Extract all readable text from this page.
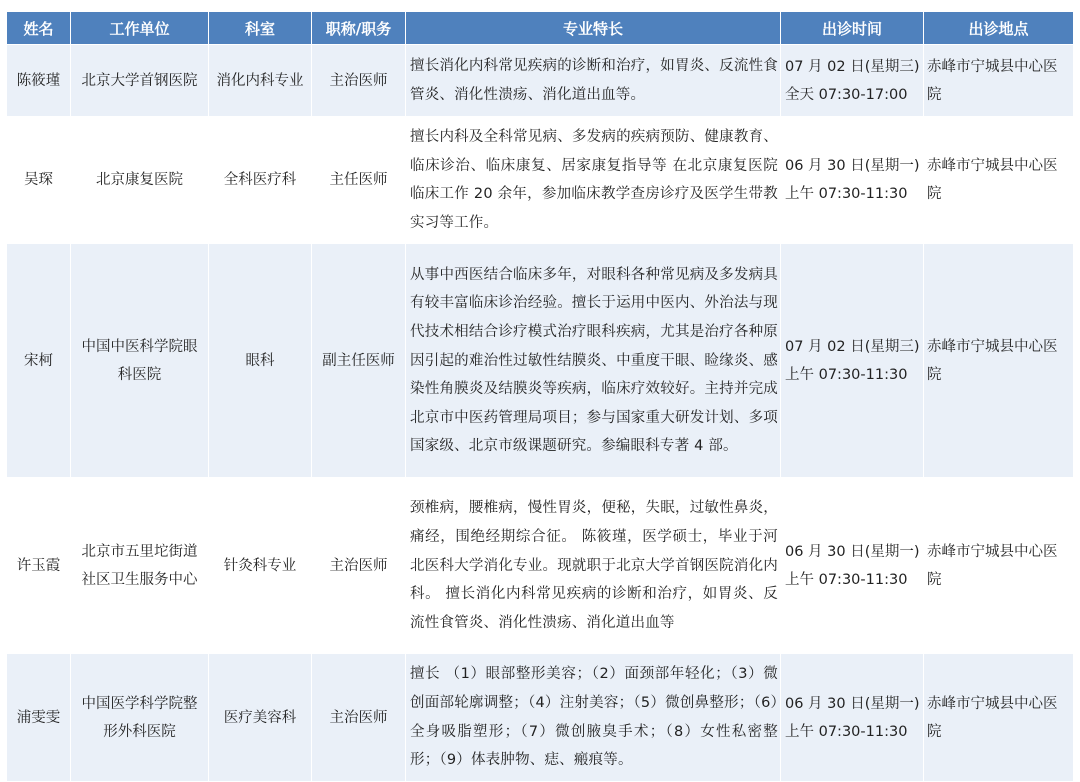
姓名	工作单位	科室	职称/职务	专业特长	出诊时间	出诊地点
陈筱瑾	北京大学首钢医院	消化内科专业	主治医师	擅长消化内科常见疾病的诊断和治疗，如胃炎、反流性食管炎、消化性溃疡、消化道出血等。	07 月 02 日(星期三) 全天 07:30-17:00	赤峰市宁城县中心医院
吴琛	北京康复医院	全科医疗科	主任医师	擅长内科及全科常见病、多发病的疾病预防、健康教育、临床诊治、临床康复、居家康复指导等 在北京康复医院临床工作 20 余年，参加临床教学查房诊疗及医学生带教实习等工作。	06 月 30 日(星期一) 上午 07:30-11:30	赤峰市宁城县中心医院
宋柯	中国中医科学院眼科医院	眼科	副主任医师	从事中西医结合临床多年，对眼科各种常见病及多发病具有较丰富临床诊治经验。擅长于运用中医内、外治法与现代技术相结合诊疗模式治疗眼科疾病，尤其是治疗各种原因引起的难治性过敏性结膜炎、中重度干眼、睑缘炎、感染性角膜炎及结膜炎等疾病，临床疗效较好。主持并完成北京市中医药管理局项目；参与国家重大研发计划、多项国家级、北京市级课题研究。参编眼科专著 4 部。	07 月 02 日(星期三) 上午 07:30-11:30	赤峰市宁城县中心医院
许玉霞	北京市五里坨街道社区卫生服务中心	针灸科专业	主治医师	颈椎病，腰椎病，慢性胃炎，便秘，失眠，过敏性鼻炎，痛经，围绝经期综合征。 陈筱瑾，医学硕士，毕业于河北医科大学消化专业。现就职于北京大学首钢医院消化内科。 擅长消化内科常见疾病的诊断和治疗，如胃炎、反流性食管炎、消化性溃疡、消化道出血等	06 月 30 日(星期一) 上午 07:30-11:30	赤峰市宁城县中心医院
浦雯雯	中国医学科学院整形外科医院	医疗美容科	主治医师	擅长 （1）眼部整形美容；（2）面颈部年轻化；（3）微创面部轮廓调整；（4）注射美容；（5）微创鼻整形；（6）全身吸脂塑形；（7）微创腋臭手术；（8）女性私密整形；（9）体表肿物、痣、瘢痕等。	06 月 30 日(星期一) 上午 07:30-11:30	赤峰市宁城县中心医院
